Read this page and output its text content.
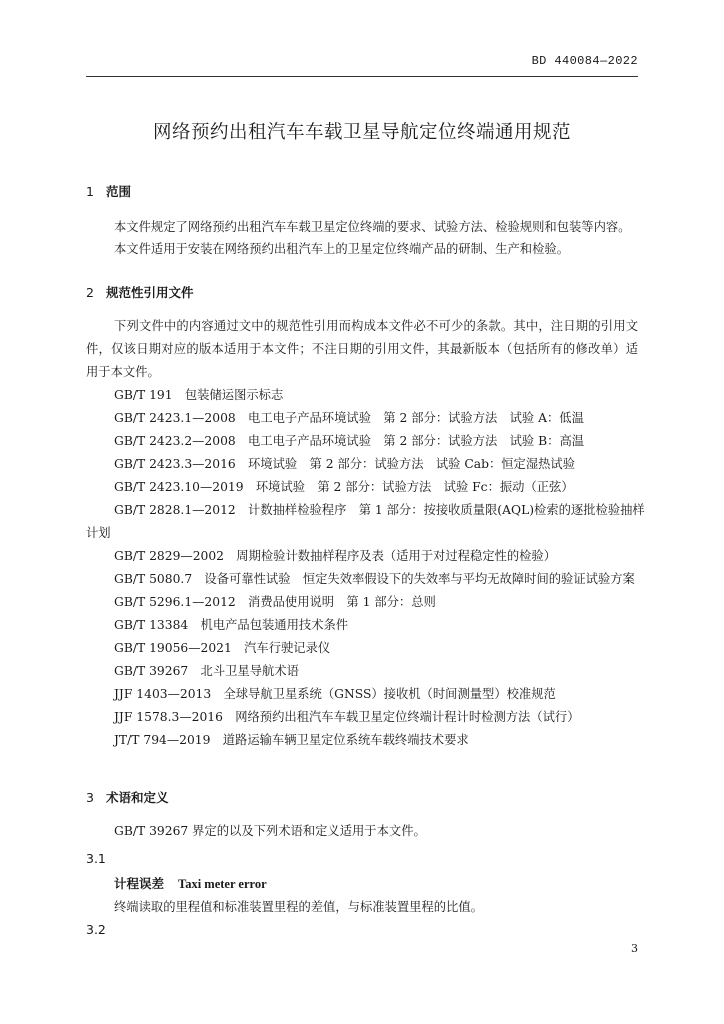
BD 440084—2022
网络预约出租汽车车载卫星导航定位终端通用规范
1 范围
本文件规定了网络预约出租汽车车载卫星定位终端的要求、试验方法、检验规则和包装等内容。
本文件适用于安装在网络预约出租汽车上的卫星定位终端产品的研制、生产和检验。
2 规范性引用文件
下列文件中的内容通过文中的规范性引用而构成本文件必不可少的条款。其中，注日期的引用文件，仅该日期对应的版本适用于本文件；不注日期的引用文件，其最新版本（包括所有的修改单）适用于本文件。
GB/T 191　包装储运图示标志
GB/T 2423.1—2008　电工电子产品环境试验　第 2 部分：试验方法　试验 A：低温
GB/T 2423.2—2008　电工电子产品环境试验　第 2 部分：试验方法　试验 B：高温
GB/T 2423.3—2016　环境试验　第 2 部分：试验方法　试验 Cab：恒定湿热试验
GB/T 2423.10—2019　环境试验　第 2 部分：试验方法　试验 Fc：振动（正弦）
GB/T 2828.1—2012　计数抽样检验程序　第 1 部分：按接收质量限(AQL)检索的逐批检验抽样
计划
GB/T 2829—2002　周期检验计数抽样程序及表（适用于对过程稳定性的检验）
GB/T 5080.7　设备可靠性试验　恒定失效率假设下的失效率与平均无故障时间的验证试验方案
GB/T 5296.1—2012　消费品使用说明　第 1 部分：总则
GB/T 13384　机电产品包装通用技术条件
GB/T 19056—2021　汽车行驶记录仪
GB/T 39267　北斗卫星导航术语
JJF 1403—2013　全球导航卫星系统（GNSS）接收机（时间测量型）校准规范
JJF 1578.3—2016　网络预约出租汽车车载卫星定位终端计程计时检测方法（试行）
JT/T 794—2019　道路运输车辆卫星定位系统车载终端技术要求
3 术语和定义
GB/T 39267 界定的以及下列术语和定义适用于本文件。
3.1
计程误差 Taxi meter error
终端读取的里程值和标准装置里程的差值，与标准装置里程的比值。
3.2
3
